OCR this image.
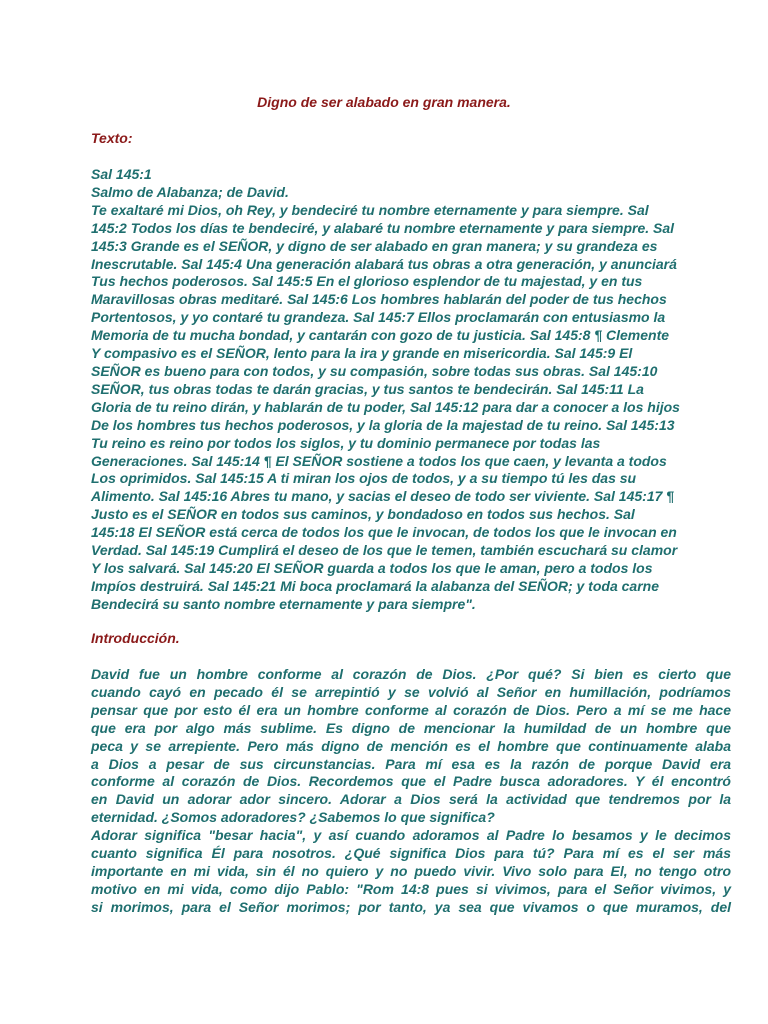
Digno de ser alabado en gran manera.

Texto:

Sal 145:1
Salmo de Alabanza; de David.
Te exaltaré mi Dios, oh Rey, y bendeciré tu nombre eternamente y para siempre. Sal
145:2 Todos los días te bendeciré, y alabaré tu nombre eternamente y para siempre. Sal
145:3 Grande es el SEÑOR, y digno de ser alabado en gran manera; y su grandeza es
Inescrutable. Sal 145:4 Una generación alabará tus obras a otra generación, y anunciará
Tus hechos poderosos. Sal 145:5 En el glorioso esplendor de tu majestad, y en tus
Maravillosas obras meditaré. Sal 145:6 Los hombres hablarán del poder de tus hechos
Portentosos, y yo contaré tu grandeza. Sal 145:7 Ellos proclamarán con entusiasmo la
Memoria de tu mucha bondad, y cantarán con gozo de tu justicia. Sal 145:8 ¶ Clemente
Y compasivo es el SEÑOR, lento para la ira y grande en misericordia. Sal 145:9 El
SEÑOR es bueno para con todos, y su compasión, sobre todas sus obras. Sal 145:10
SEÑOR, tus obras todas te darán gracias, y tus santos te bendecirán. Sal 145:11 La
Gloria de tu reino dirán, y hablarán de tu poder, Sal 145:12 para dar a conocer a los hijos
De los hombres tus hechos poderosos, y la gloria de la majestad de tu reino. Sal 145:13
Tu reino es reino por todos los siglos, y tu dominio permanece por todas las
Generaciones. Sal 145:14 ¶ El SEÑOR sostiene a todos los que caen, y levanta a todos
Los oprimidos. Sal 145:15 A ti miran los ojos de todos, y a su tiempo tú les das su
Alimento. Sal 145:16 Abres tu mano, y sacias el deseo de todo ser viviente. Sal 145:17 ¶
Justo es el SEÑOR en todos sus caminos, y bondadoso en todos sus hechos. Sal
145:18 El SEÑOR está cerca de todos los que le invocan, de todos los que le invocan en
Verdad. Sal 145:19 Cumplirá el deseo de los que le temen, también escuchará su clamor
Y los salvará. Sal 145:20 El SEÑOR guarda a todos los que le aman, pero a todos los
Impíos destruirá. Sal 145:21 Mi boca proclamará la alabanza del SEÑOR; y toda carne
Bendecirá su santo nombre eternamente y para siempre".

Introducción.

David fue un hombre conforme al corazón de Dios. ¿Por qué? Si bien es cierto que
cuando cayó en pecado él se arrepintió y se volvió al Señor en humillación, podríamos
pensar que por esto él era un hombre conforme al corazón de Dios. Pero a mí se me hace
que era por algo más sublime. Es digno de mencionar la humildad de un hombre que
peca y se arrepiente. Pero más digno de mención es el hombre que continuamente alaba
a Dios a pesar de sus circunstancias. Para mí esa es la razón de porque David era
conforme al corazón de Dios. Recordemos que el Padre busca adoradores. Y él encontró
en David un adorar ador sincero. Adorar a Dios será la actividad que tendremos por la
eternidad. ¿Somos adoradores? ¿Sabemos lo que significa?
Adorar significa "besar hacia", y así cuando adoramos al Padre lo besamos y le decimos
cuanto significa Él para nosotros. ¿Qué significa Dios para tú? Para mí es el ser más
importante en mi vida, sin él no quiero y no puedo vivir. Vivo solo para El, no tengo otro
motivo en mi vida, como dijo Pablo: "Rom 14:8 pues si vivimos, para el Señor vivimos, y
si morimos, para el Señor morimos; por tanto, ya sea que vivamos o que muramos, del
